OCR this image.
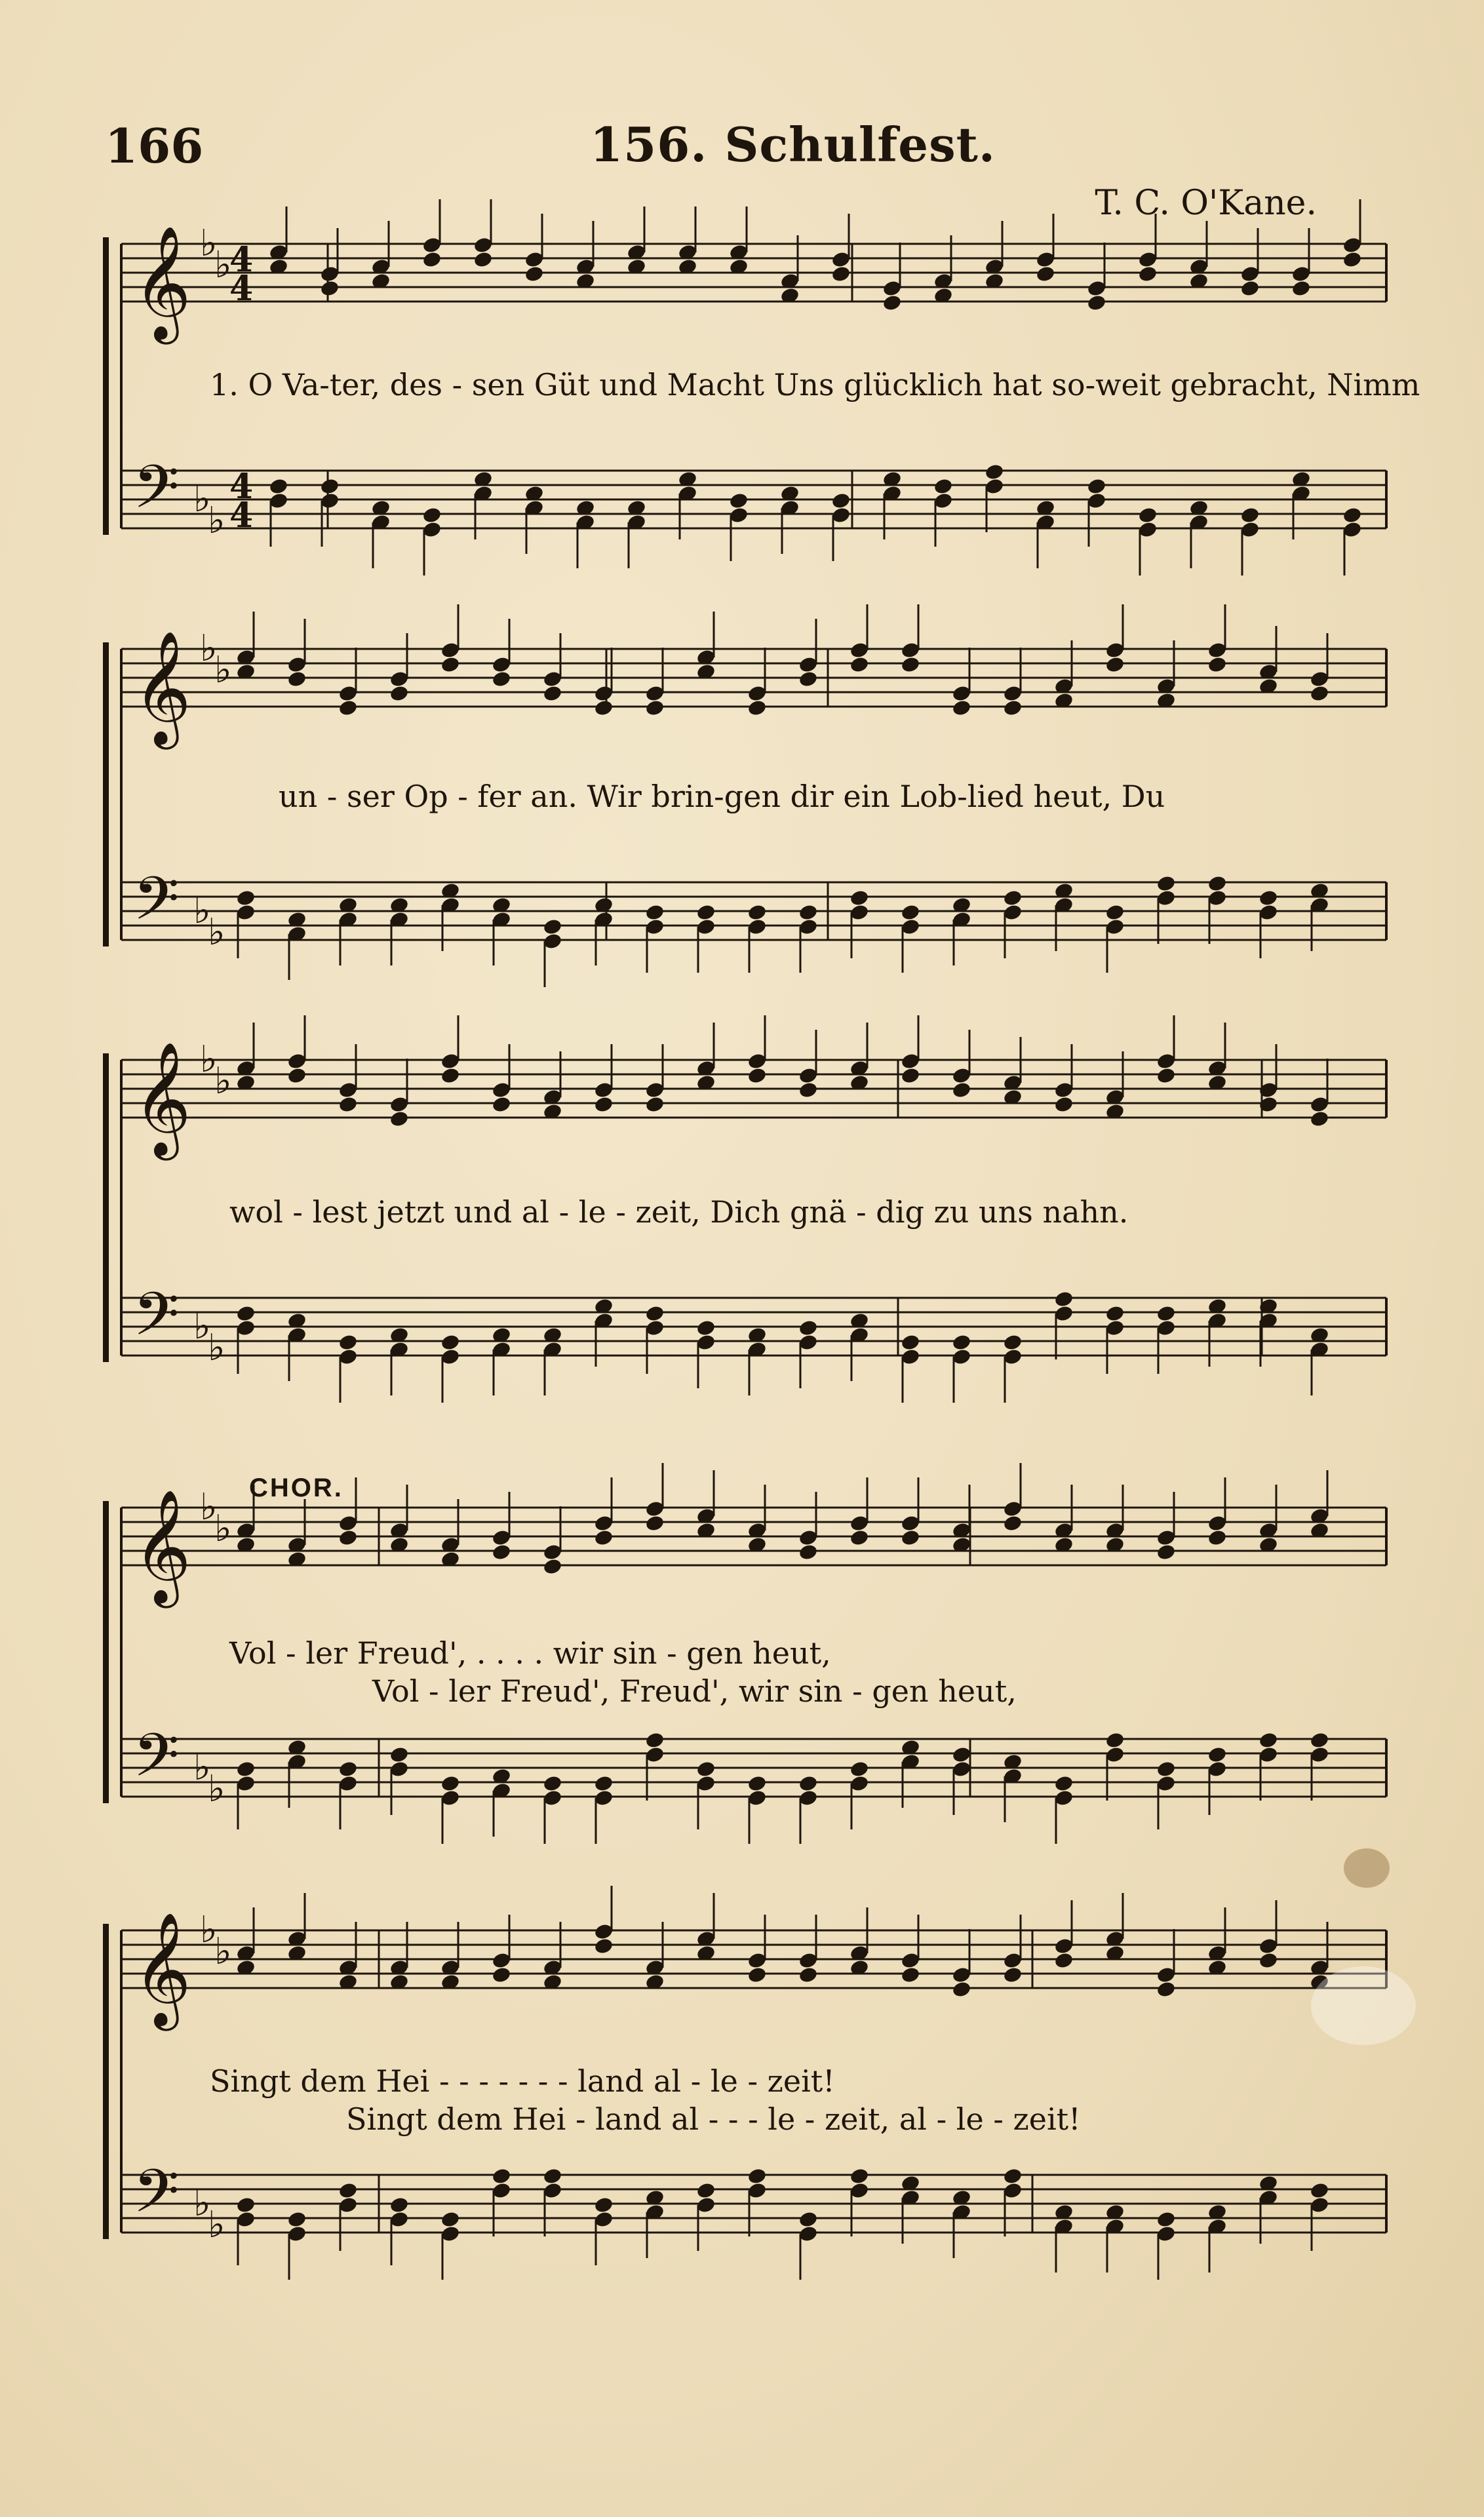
166	156. Schulfest.
T. C. O'Kane.
CHOR.
𝄞
𝄢
♭
♭
♭
♭
4
4
4
4
𝄞
𝄢
♭
♭
♭
♭
𝄞
𝄢
♭
♭
♭
♭
𝄞
𝄢
♭
♭
♭
♭
𝄞
𝄢
♭
♭
♭
♭
1. O Va-ter, des - sen Güt und Macht Uns glücklich hat so-weit gebracht, Nimm
un - ser Op - fer an. Wir brin-gen dir ein Lob-lied heut, Du
wol - lest jetzt und al - le - zeit, Dich gnä - dig zu uns nahn.
Vol - ler Freud', . . . . wir sin - gen heut,
Vol - ler Freud', Freud', wir sin - gen heut,
Singt dem Hei - - - - - - - land al - le - zeit!
Singt dem Hei - land al - - - le - zeit, al - le - zeit!
